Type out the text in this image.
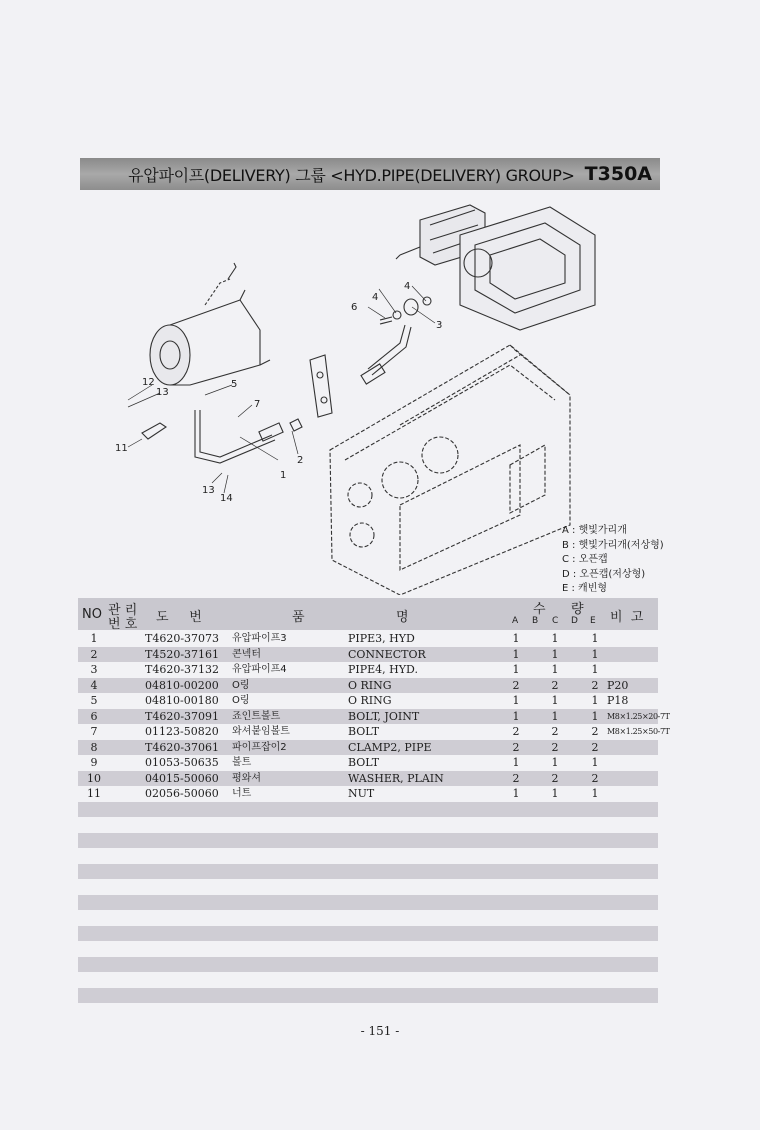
유압파이프(DELIVERY) 그룹 <HYD.PIPE(DELIVERY) GROUP> T350A
1
2
3
4
4
6
5
7
11
12
13
13
14
A : 햇빛가리개
B : 햇빛가리개(저상형)
C : 오픈캡
D : 오픈캡(저상형)
E : 캐빈형
NO 관 리
번 호 도     번	품	명
수 량
A B C D E 비  고
1	T4620-37073 유압파이프3	PIPE3, HYD	1	1	1
2	T4520-37161 콘넥터	CONNECTOR	1	1	1
3	T4620-37132 유압파이프4	PIPE4, HYD.	1	1	1
4	04810-00200 O링	O RING	2	2	2 P20
5	04810-00180 O링	O RING	1	1	1 P18
6	T4620-37091 죠인트볼트	BOLT, JOINT	1	1	1 M8×1.25×20-7T
7	01123-50820 와셔붙임볼트	BOLT	2	2	2 M8×1.25×50-7T
8	T4620-37061 파이프잡이2	CLAMP2, PIPE	2	2	2
9	01053-50635 볼트	BOLT	1	1	1
10	04015-50060 평와셔	WASHER, PLAIN	2	2	2
11	02056-50060 너트	NUT	1	1	1
- 151 -
